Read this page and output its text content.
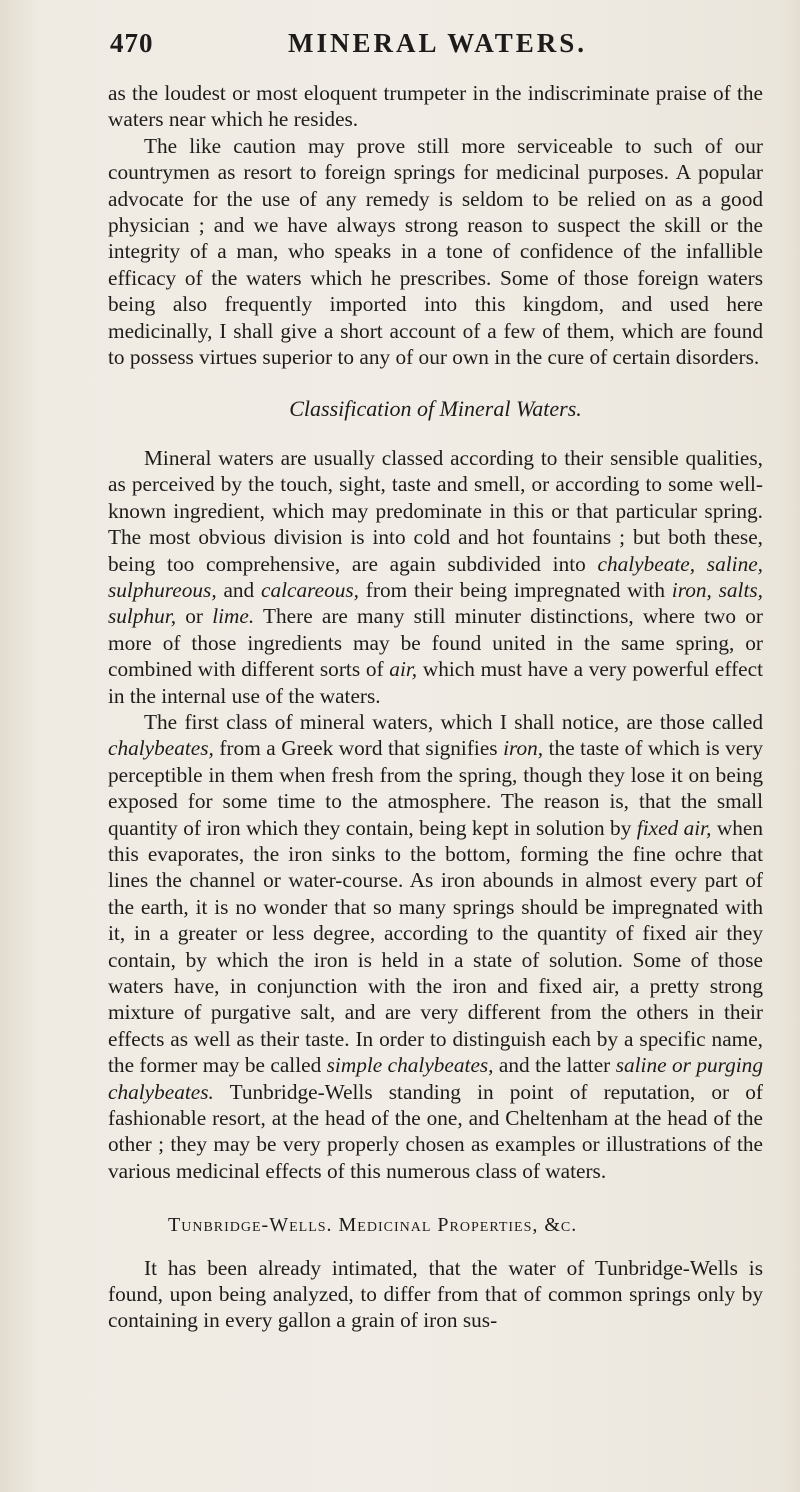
470	MINERAL WATERS.

as the loudest or most eloquent trumpeter in the indiscriminate praise of the waters near which he resides.

The like caution may prove still more serviceable to such of our countrymen as resort to foreign springs for medicinal purposes. A popular advocate for the use of any remedy is seldom to be relied on as a good physician ; and we have always strong reason to suspect the skill or the integrity of a man, who speaks in a tone of confidence of the infallible efficacy of the waters which he prescribes. Some of those foreign waters being also frequently imported into this kingdom, and used here medicinally, I shall give a short account of a few of them, which are found to possess virtues superior to any of our own in the cure of certain disorders.

Classification of Mineral Waters.

Mineral waters are usually classed according to their sensible qualities, as perceived by the touch, sight, taste and smell, or according to some well-known ingredient, which may predominate in this or that particular spring. The most obvious division is into cold and hot fountains ; but both these, being too comprehensive, are again subdivided into chalybeate, saline, sulphureous, and calcareous, from their being impregnated with iron, salts, sulphur, or lime. There are many still minuter distinctions, where two or more of those ingredients may be found united in the same spring, or combined with different sorts of air, which must have a very powerful effect in the internal use of the waters.

The first class of mineral waters, which I shall notice, are those called chalybeates, from a Greek word that signifies iron, the taste of which is very perceptible in them when fresh from the spring, though they lose it on being exposed for some time to the atmosphere. The reason is, that the small quantity of iron which they contain, being kept in solution by fixed air, when this evaporates, the iron sinks to the bottom, forming the fine ochre that lines the channel or water-course. As iron abounds in almost every part of the earth, it is no wonder that so many springs should be impregnated with it, in a greater or less degree, according to the quantity of fixed air they contain, by which the iron is held in a state of solution. Some of those waters have, in conjunction with the iron and fixed air, a pretty strong mixture of purgative salt, and are very different from the others in their effects as well as their taste. In order to distinguish each by a specific name, the former may be called simple chalybeates, and the latter saline or purging chalybeates. Tunbridge-Wells standing in point of reputation, or of fashionable resort, at the head of the one, and Cheltenham at the head of the other ; they may be very properly chosen as examples or illustrations of the various medicinal effects of this numerous class of waters.

Tunbridge-Wells. Medicinal Properties, &c.

It has been already intimated, that the water of Tunbridge-Wells is found, upon being analyzed, to differ from that of common springs only by containing in every gallon a grain of iron sus-
